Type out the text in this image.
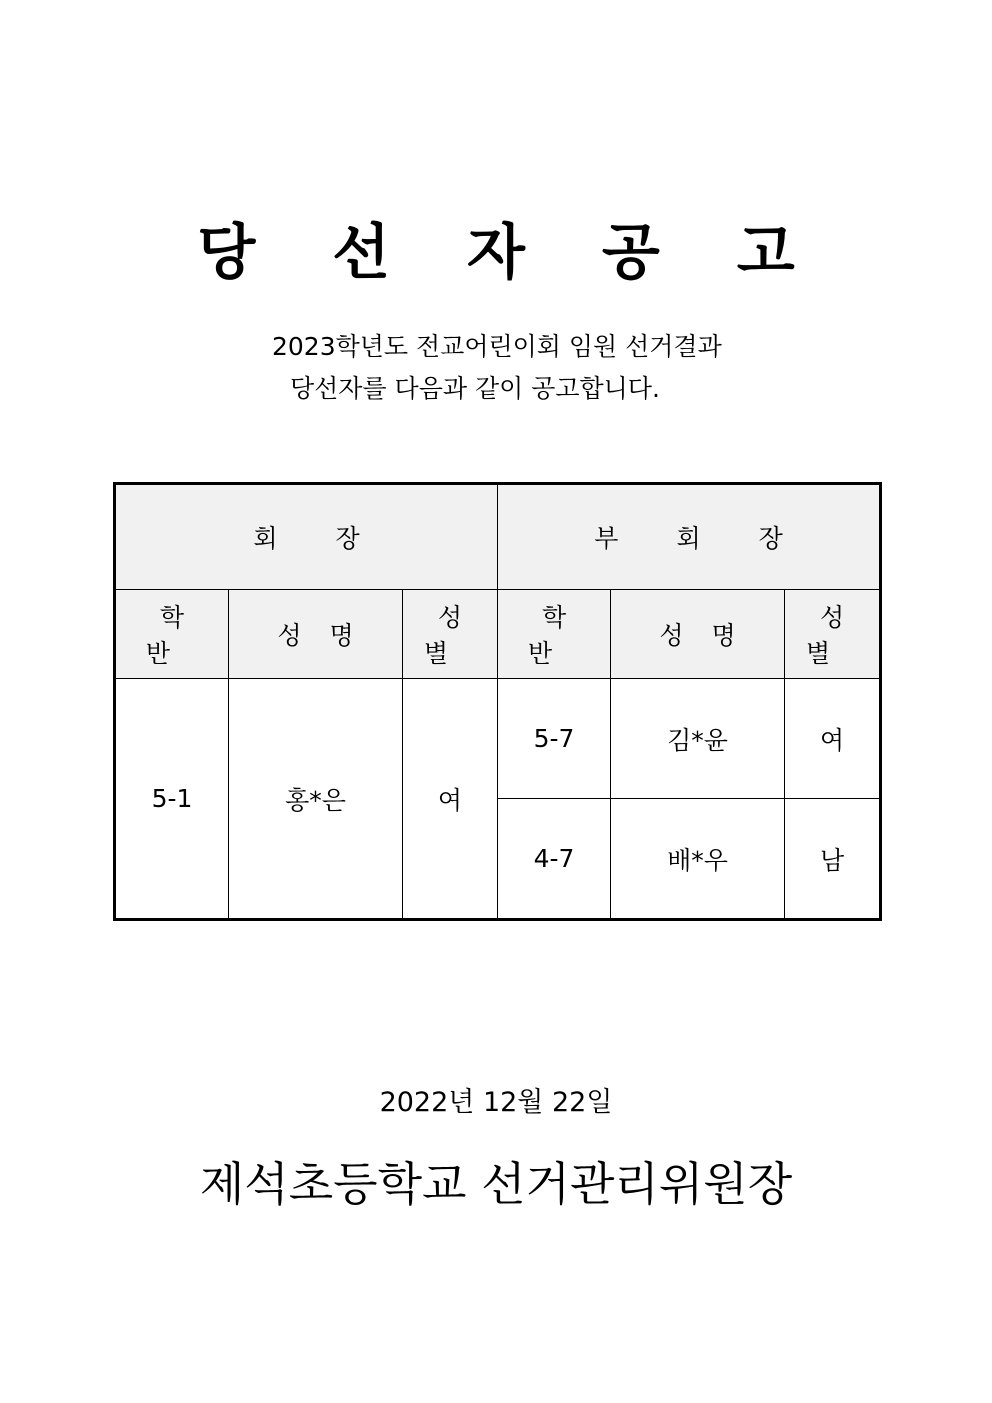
당 선 자 공 고
2023학년도 전교어린이회 임원 선거결과
당선자를 다음과 같이 공고합니다.
회장			부회장		
학반	성명	성별	학반	성명	성별
5-1	홍*은	여	5-7	김*윤	여
			4-7	배*우	남
2022년 12월 22일
제석초등학교 선거관리위원장
